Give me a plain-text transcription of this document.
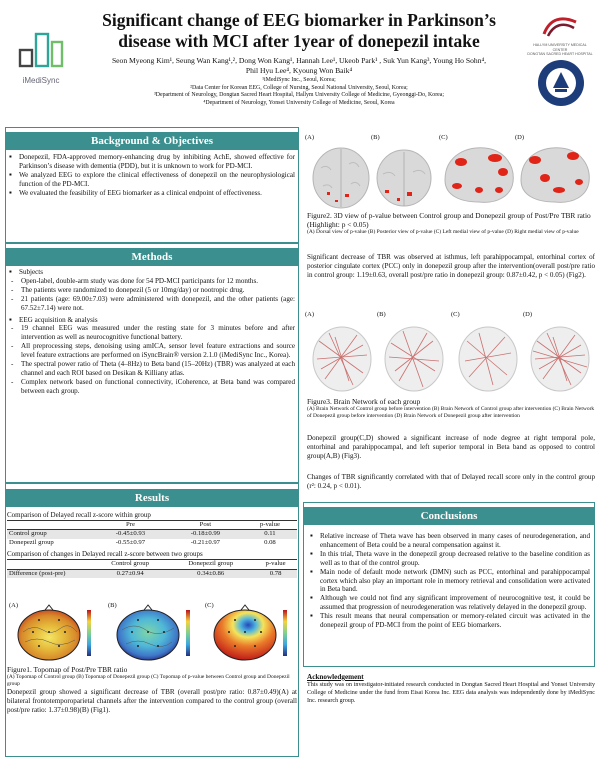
iMediSync
Significant change of EEG biomarker in Parkinson’s
disease with MCI after 1year of donepezil intake
Seon Myeong Kim¹, Seung Wan Kang¹,², Dong Won Kang¹, Hannah Lee¹, Ukeob Park¹ , Suk Yun Kang³, Young Ho Sohn⁴,
Phil Hyu Lee⁴, Kyoung Won Baik⁴
¹iMediSync Inc., Seoul, Korea;
²Data Center for Korean EEG, College of Nursing, Seoul National University, Seoul, Korea;
³Department of Neurology, Dongtan Sacred Heart Hospital, Hallym University College of Medicine, Gyeonggi-Do, Korea;
⁴Department of Neurology, Yonsei University College of Medicine, Seoul, Korea
HALLYM UNIVERSITY MEDICAL CENTER
DONGTAN SACRED HEART HOSPITAL
Background & Objectives
▪ Donepezil, FDA-approved memory-enhancing drug by inhibiting AchE, showed effective for Parkinson’s disease with dementia (PDD), but it is unknown to work for PD-MCI.
▪ We analyzed EEG to explore the clinical effectiveness of donepezil on the neurophysiological function of the PD-MCI.
▪ We evaluated the feasibility of EEG biomarker as a clinical endpoint of effectiveness.
Methods
▪ Subjects
- Open-label, double-arm study was done for 54 PD-MCI participants for 12 months.
- The patients were randomized to donepezil (5 or 10mg/day) or nootropic drug.
- 21 patients (age: 69.00±7.03) were administered with donepezil, and the other patients (age: 67.52±7.14) were not.
▪ EEG acquisition & analysis
- 19 channel EEG was measured under the resting state for 3 minutes before and after intervention as well as neurocognitive functional battery.
- All preprocessing steps, denoising using amICA, sensor level feature extractions and source level feature extractions are performed on iSyncBrain® version 2.1.0 (iMediSync Inc., Korea).
- The spectral power ratio of Theta (4–8Hz) to Beta band (15–20Hz) (TBR) was analyzed at each channel and each ROI based on Desikan & Killiany atlas.
- Complex network based on functional connectivity, iCoherence, at Beta band was compared between each group.
Results
Comparison of Delayed recall z-score within group
	Pre	Post	p-value
Control group	-0.45±0.93	-0.18±0.99	0.11
Donepezil group	-0.55±0.97	-0.21±0.97	0.08
Comparison of changes in Delayed recall z-score between two groups
	Control group	Donepezil group	p-value
Difference (post-pre)	0.27±0.94	0.34±0.86	0.78
(A)	(B)	(C)
Figure1. Topomap of Post/Pre TBR ratio
(A) Topomap of Control group (B) Topomap of Donepezil group (C) Topomap of p-value between Control group and Donepezil group
Donepezil group showed a significant decrease of TBR (overall post/pre ratio: 0.87±0.49)(A) at bilateral frontotemporoparietal channels after the intervention compared to the control group (overall post/pre ratio: 1.37±0.98)(B) (Fig1).
(A)	(B)	(C)	(D)
Figure2. 3D view of p-value between Control group and Donepezil group of Post/Pre TBR ratio (Highlight: p < 0.05)
(A) Dorsal view of p-value (B) Posterior view of p-value (C) Left medial view of p-value (D) Right medial view of p-value
Significant decrease of TBR was observed at isthmus, left parahippocampal, entorhinal cortex of posterior cingulate cortex (PCC) only in donepezil group after the intervention(overall post/pre ratio in control group: 1.19±0.63, overall post/pre ratio in donepezil group: 0.87±0.42, p < 0.05) (Fig2).
(A)	(B)	(C)	(D)
Figure3. Brain Network of each group
(A) Brain Network of Control group before intervention (B) Brain Network of Control group after intervention (C) Brain Network of Donepezil group before intervention (D) Brain Network of Donepezil group after intervention
Donepezil group(C,D) showed a significant increase of node degree at right temporal pole, entorhinal and parahippocampal, and left superior temporal in Beta band as opposed to control group(A,B) (Fig3).
Changes of TBR significantly correlated with that of Delayed recall score only in the control group (r²: 0.24, p < 0.01).
Conclusions
▪ Relative increase of Theta wave has been observed in many cases of neurodegeneration, and enhancement of Beta could be a neural compensation against it.
▪ In this trial, Theta wave in the donepezil group decreased relative to the baseline condition as well as to that of the control group.
▪ Main node of default mode network (DMN) such as PCC, entorhinal and parahippocampal cortex which also play an important role in memory retrieval and consolidation were activated in Beta band.
▪ Although we could not find any significant improvement of neurocognitive test, it could be assumed that progression of neurodegeneration was relatively delayed in the donepezil group.
▪ This result means that neural compensation or memory-related circuit was activated in the donepezil group of PD-MCI from the point of EEG biomarkers.
Acknowledgement
This study was on investigator-initiated research conducted in Dongtan Sacred Heart Hospital and Yonsei University College of Medicine under the fund from Eisai Korea Inc. EEG data analysis was independently done by iMediSync Inc. research group.
